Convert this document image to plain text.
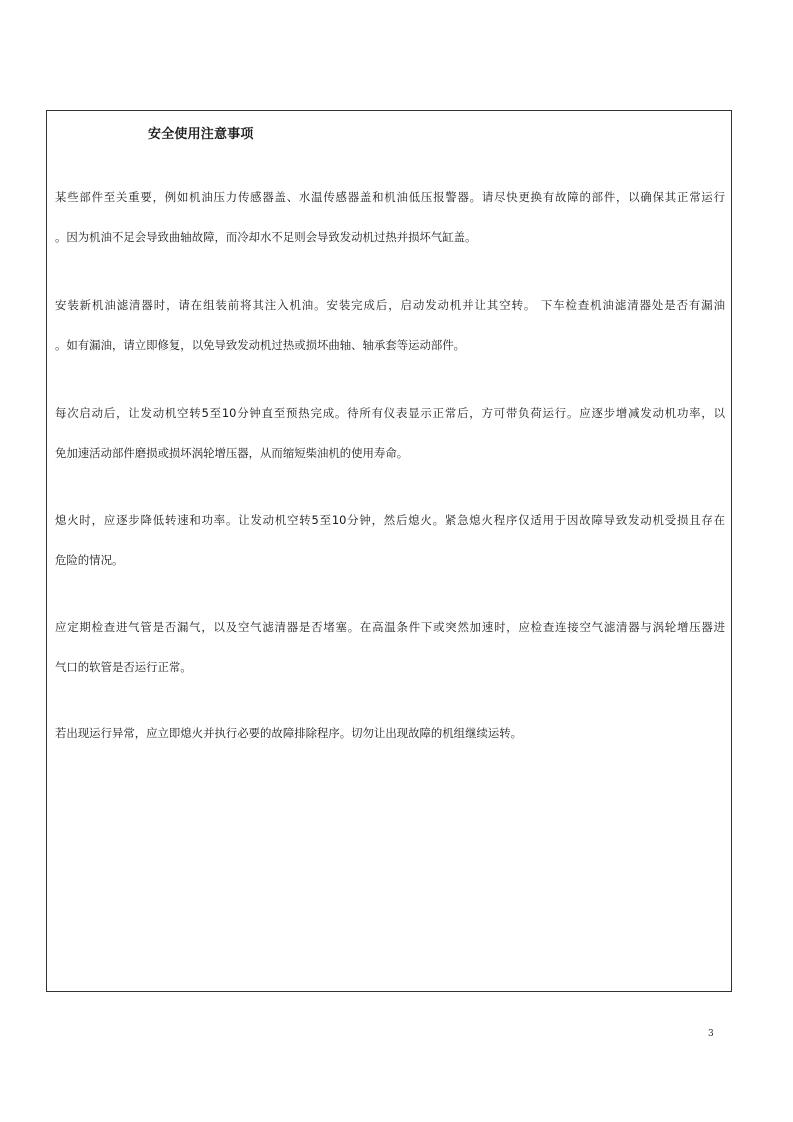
安全使用注意事项
某些部件至关重要，例如机油压力传感器盖、水温传感器盖和机油低压报警器。请尽快更换有故障的部件，以确保其正常运行
。因为机油不足会导致曲轴故障，而冷却水不足则会导致发动机过热并损坏气缸盖。
安装新机油滤清器时，请在组装前将其注入机油。安装完成后，启动发动机并让其空转。 下车检查机油滤清器处是否有漏油
。如有漏油，请立即修复，以免导致发动机过热或损坏曲轴、轴承套等运动部件。
每次启动后，让发动机空转5至10分钟直至预热完成。待所有仪表显示正常后，方可带负荷运行。应逐步增减发动机功率，以
免加速活动部件磨损或损坏涡轮增压器，从而缩短柴油机的使用寿命。
熄火时，应逐步降低转速和功率。让发动机空转5至10分钟，然后熄火。紧急熄火程序仅适用于因故障导致发动机受损且存在
危险的情况。
应定期检查进气管是否漏气，以及空气滤清器是否堵塞。在高温条件下或突然加速时，应检查连接空气滤清器与涡轮增压器进
气口的软管是否运行正常。
若出现运行异常，应立即熄火并执行必要的故障排除程序。切勿让出现故障的机组继续运转。
3
